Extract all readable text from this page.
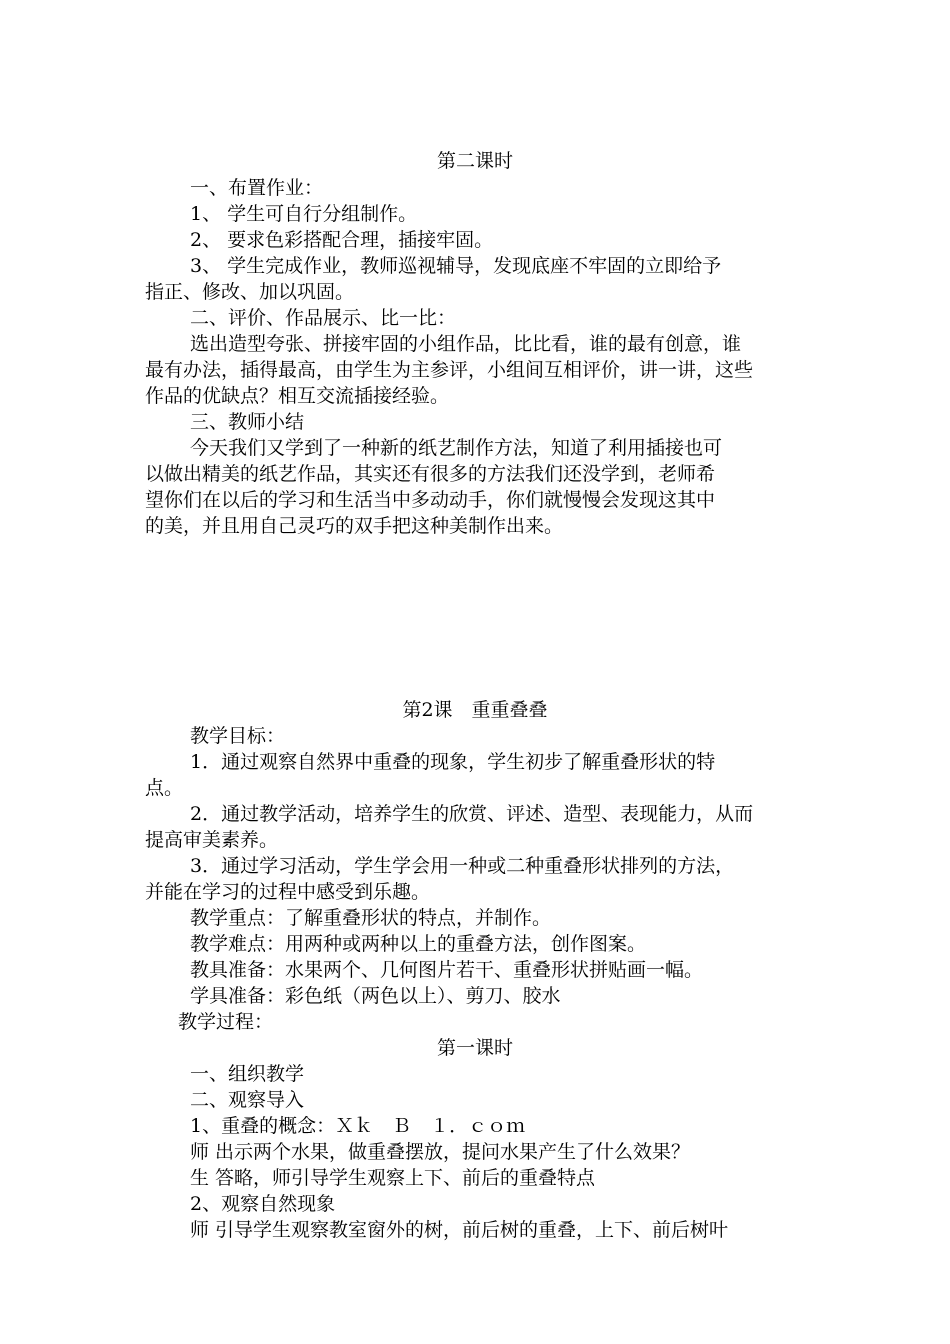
第二课时
一、布置作业：
1、 学生可自行分组制作。
2、 要求色彩搭配合理，插接牢固。
3、 学生完成作业，教师巡视辅导，发现底座不牢固的立即给予
指正、修改、加以巩固。
二、评价、作品展示、比一比：
选出造型夸张、拼接牢固的小组作品，比比看，谁的最有创意，谁
最有办法，插得最高，由学生为主参评，小组间互相评价，讲一讲，这些
作品的优缺点？相互交流插接经验。
三、教师小结
今天我们又学到了一种新的纸艺制作方法，知道了利用插接也可
以做出精美的纸艺作品，其实还有很多的方法我们还没学到，老师希
望你们在以后的学习和生活当中多动动手，你们就慢慢会发现这其中
的美，并且用自己灵巧的双手把这种美制作出来。
第2课　重重叠叠
教学目标：
1．通过观察自然界中重叠的现象，学生初步了解重叠形状的特
点。
2．通过教学活动，培养学生的欣赏、评述、造型、表现能力，从而
提高审美素养。
3．通过学习活动，学生学会用一种或二种重叠形状排列的方法，
并能在学习的过程中感受到乐趣。
教学重点：了解重叠形状的特点，并制作。
教学难点：用两种或两种以上的重叠方法，创作图案。
教具准备：水果两个、几何图片若干、重叠形状拼贴画一幅。
学具准备：彩色纸（两色以上）、剪刀、胶水
教学过程：
第一课时
一、组织教学
二、观察导入
1、重叠的概念：Ｘｋ　Ｂ　１．ｃｏｍ
师 出示两个水果，做重叠摆放，提问水果产生了什么效果？
生 答略，师引导学生观察上下、前后的重叠特点
2、观察自然现象
师 引导学生观察教室窗外的树，前后树的重叠，上下、前后树叶
